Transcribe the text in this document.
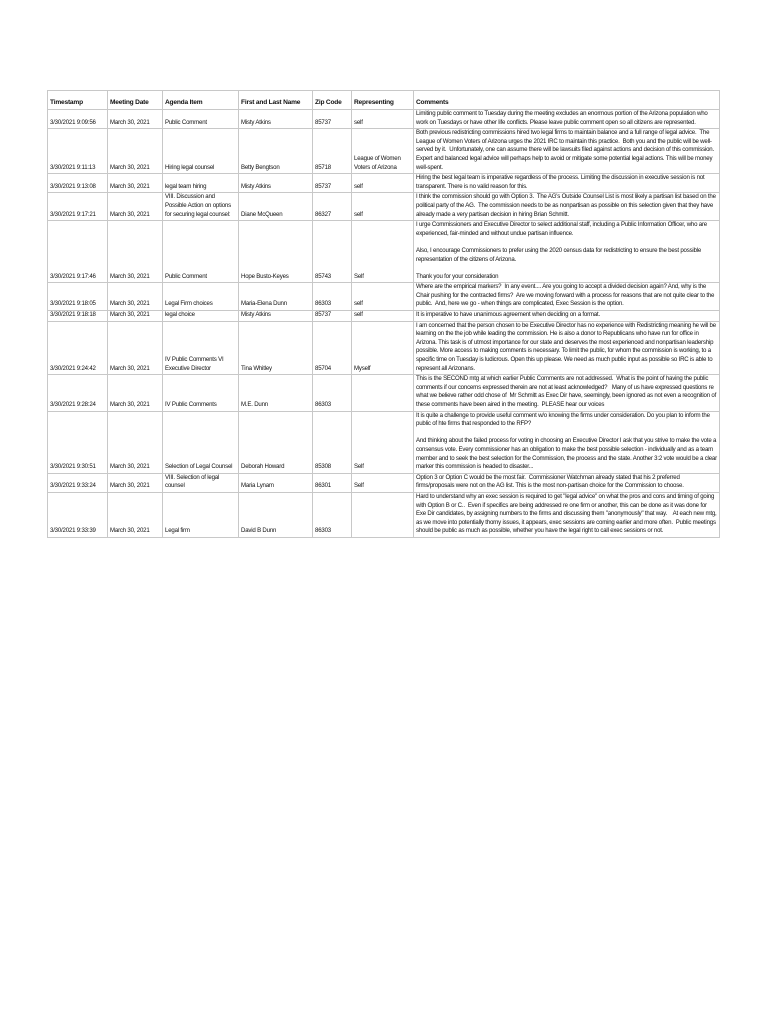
Timestamp	Meeting Date	Agenda Item	First and Last Name	Zip Code	Representing	Comments
3/30/2021 9:09:56	March 30, 2021	Public Comment	Misty Atkins	85737	self	Limiting public comment to Tuesday during the meeting excludes an enormous portion of the Arizona population who work on Tuesdays or have other life conflicts. Please leave public comment open so all citizens are represented.
3/30/2021 9:11:13	March 30, 2021	Hiring legal counsel	Betty Bengtson	85718	League of Women Voters of Arizona	Both previous redistricting commissions hired two legal firms to maintain balance and a full range of legal advice.  The League of Women Voters of Arizona urges the 2021 IRC to maintain this practice.  Both you and the public will be well-served by it.  Unfortunately, one can assume there will be lawsuits filed against actions and decision of this commission.  Expert and balanced legal advice will perhaps help to avoid or mitigate some potential legal actions. This will be money well-spent.
3/30/2021 9:13:08	March 30, 2021	legal team hiring	Misty Atkins	85737	self	Hiring the best legal team is imperative regardless of the process. Limiting the discussion in executive session is not transparent. There is no valid reason for this.
3/30/2021 9:17:21	March 30, 2021	VIII. Discussion and Possible Action on options for securing legal counsel:	Diane McQueen	86327	self	I think the commission should go with Option 3.  The AG's Outside Counsel List is most likely a partisan list based on the political party of the AG.  The commission needs to be as nonpartisan as possible on this selection given that they have already made a very partisan decision in hiring Brian Schmitt.
3/30/2021 9:17:46	March 30, 2021	Public Comment	Hope Busto-Keyes	85743	Self	I urge Commissioners and Executive Director to select additional staff, including a Public Information Officer, who are experienced, fair-minded and without undue partisan influence.

Also, I encourage Commissioners to prefer using the 2020 census data for redistricting to ensure the best possible representation of the citizens of Arizona.

Thank you for your consideration
3/30/2021 9:18:05	March 30, 2021	Legal Firm choices	Maria-Elena Dunn	86303	self	Where are the empirical markers?  In any event.... Are you going to accept a divided decision again? And, why is the Chair pushing for the contracted firms?  Are we moving forward with a process for reasons that are not quite clear to the public.  And, here we go - when things are complicated, Exec Session is the option.

3/30/2021 9:18:18	March 30, 2021	legal choice	Misty Atkins	85737	self	It is imperative to have unanimous agreement when deciding on a format.
3/30/2021 9:24:42	March 30, 2021	IV Public Comments VI Executive Director	Tina Whitley	85704	Myself	I am concerned that the person chosen to be Executive Director has no experience with Redistricting meaning he will be learning on the the job while leading the commission. He is also a donor to Republicans who have run for office in Arizona. This task is of utmost importance for our state and deserves the most experienced and nonpartisan leadership possible. More access to making comments is necessary. To limit the public, for whom the commission is working, to a specific time on Tuesday is ludicrous. Open this up please. We need as much public input as possible so IRC is able to represent all Arizonans.
3/30/2021 9:28:24	March 30, 2021	IV Public Comments	M.E. Dunn	86303		This is the SECOND mtg at which earlier Public Comments are not addressed.  What is the point of having the public comments if our concerns expressed therein are not at least acknowledged?   Many of us have expressed questions re what we believe rather odd chose of  Mr Schmitt as Exec Dir have, seemingly, been ignored as not even a recognition of these comments have been aired in the meeting.  PLEASE hear our voices

3/30/2021 9:30:51	March 30, 2021	Selection of Legal Counsel	Deborah Howard	85308	Self	It is quite a challenge to provide useful comment w/o knowing the firms under consideration. Do you plan to inform the public of hte firms that responded to the RFP?

And thinking about the failed process for voting in choosing an Executive Director I ask that you strive to make the vote a consensus vote. Every commissioner has an obligation to make the best possible selection - individually and as a team member and to seek the best selection for the Commission, the process and the state. Another 3:2 vote would be a clear marker this commission is headed to disaster...
3/30/2021 9:33:24	March 30, 2021	VIII. Selection of legal counsel	Maria Lynam	86301	Self	Option 3 or Option C would be the most fair.  Commissioner Watchman already stated that his 2 preferred firms/proposals were not on the AG list. This is the most non-partisan choice for the Commission to choose.
3/30/2021 9:33:39	March 30, 2021	Legal firm	David B Dunn	86303		Hard to understand why an exec session is required to get "legal advice" on what the pros and cons and timing of going with Option B or C..  Even if specifics are being addressed re one firm or another, this can be done as it was done for Exe Dir candidates, by assigning numbers to the firms and discussing them "anonymously" that way.    At each new mtg, as we move into potentially thorny issues, it appears, exec sessions are coming earlier and more often.  Public meetings should be public as much as possible, whether you have the legal right to call exec sessions or not.
